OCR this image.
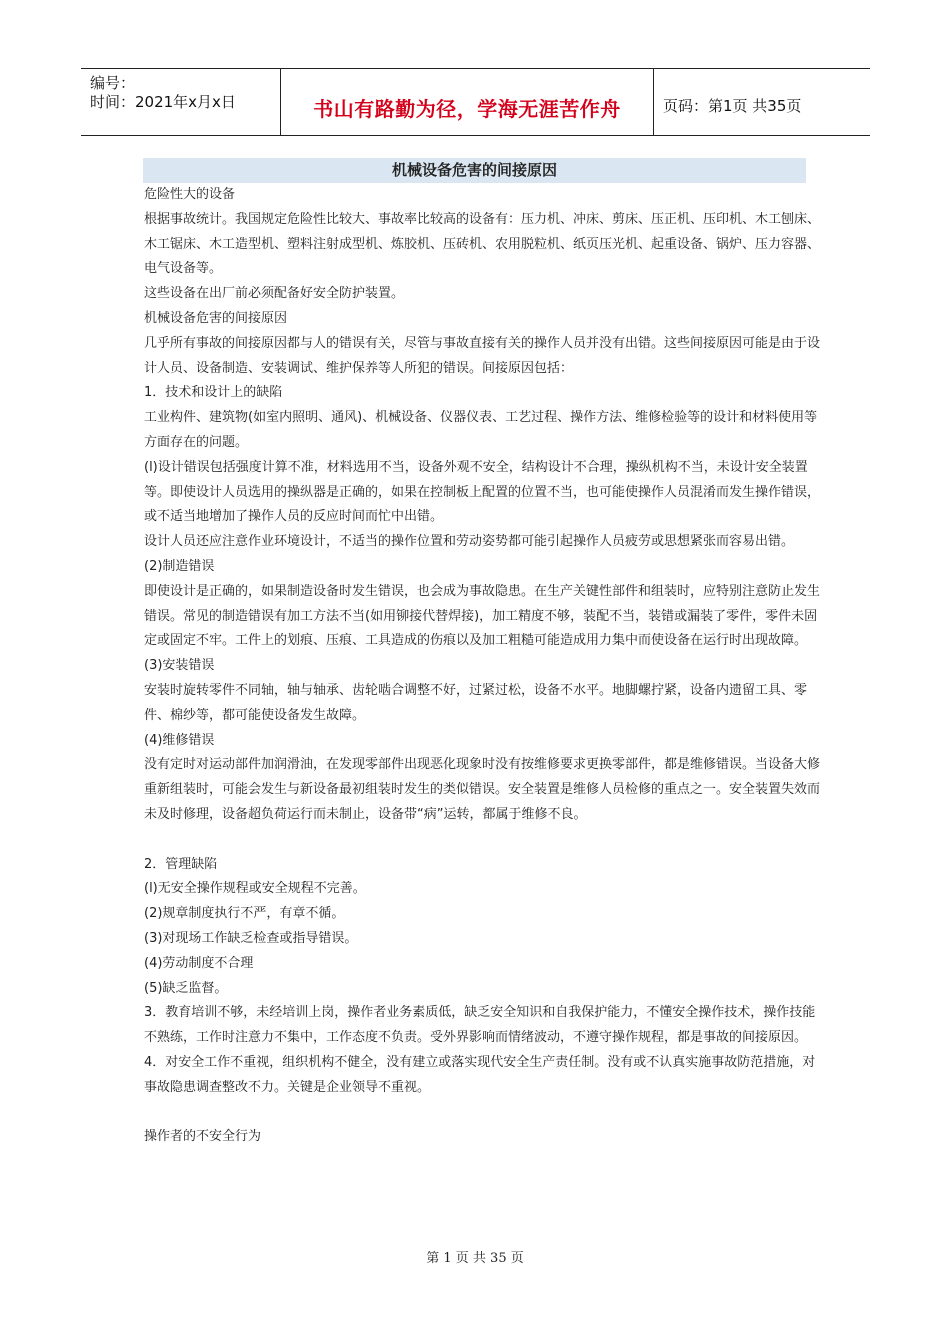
编号：
时间：2021年x月x日	书山有路勤为径，学海无涯苦作舟	页码：第1页 共35页
机械设备危害的间接原因

危险性大的设备

根据事故统计。我国规定危险性比较大、事故率比较高的设备有：压力机、冲床、剪床、压正机、压印机、木工刨床、木工锯床、木工造型机、塑料注射成型机、炼胶机、压砖机、农用脱粒机、纸页压光机、起重设备、锅炉、压力容器、电气设备等。

这些设备在出厂前必须配备好安全防护装置。

机械设备危害的间接原因

几乎所有事故的间接原因都与人的错误有关，尽管与事故直接有关的操作人员并没有出错。这些间接原因可能是由于设计人员、设备制造、安装调试、维护保养等人所犯的错误。间接原因包括：

1．技术和设计上的缺陷

工业构件、建筑物(如室内照明、通风)、机械设备、仪器仪表、工艺过程、操作方法、维修检验等的设计和材料使用等方面存在的问题。

(l)设计错误包括强度计算不准，材料选用不当，设备外观不安全，结构设计不合理，操纵机构不当，未设计安全装置等。即使设计人员选用的操纵器是正确的，如果在控制板上配置的位置不当，也可能使操作人员混淆而发生操作错误，或不适当地增加了操作人员的反应时间而忙中出错。

设计人员还应注意作业环境设计，不适当的操作位置和劳动姿势都可能引起操作人员疲劳或思想紧张而容易出错。

(2)制造错误

即使设计是正确的，如果制造设备时发生错误，也会成为事故隐患。在生产关键性部件和组装时，应特别注意防止发生错误。常见的制造错误有加工方法不当(如用铆接代替焊接)，加工精度不够，装配不当，装错或漏装了零件，零件未固定或固定不牢。工件上的划痕、压痕、工具造成的伤痕以及加工粗糙可能造成用力集中而使设备在运行时出现故障。

(3)安装错误

安装时旋转零件不同轴，轴与轴承、齿轮啮合调整不好，过紧过松，设备不水平。地脚螺拧紧，设备内遗留工具、零件、棉纱等，都可能使设备发生故障。

(4)维修错误

没有定时对运动部件加润滑油，在发现零部件出现恶化现象时没有按维修要求更换零部件，都是维修错误。当设备大修重新组装时，可能会发生与新设备最初组装时发生的类似错误。安全装置是维修人员检修的重点之一。安全装置失效而未及时修理，设备超负荷运行而未制止，设备带“病”运转，都属于维修不良。

2．管理缺陷

(l)无安全操作规程或安全规程不完善。

(2)规章制度执行不严，有章不循。

(3)对现场工作缺乏检查或指导错误。

(4)劳动制度不合理

(5)缺乏监督。

3．教育培训不够，未经培训上岗，操作者业务素质低，缺乏安全知识和自我保护能力，不懂安全操作技术，操作技能不熟练，工作时注意力不集中，工作态度不负责。受外界影响而情绪波动，不遵守操作规程，都是事故的间接原因。

4．对安全工作不重视，组织机构不健全，没有建立或落实现代安全生产责任制。没有或不认真实施事故防范措施，对事故隐患调查整改不力。关键是企业领导不重视。

操作者的不安全行为

第 1 页 共 35 页
